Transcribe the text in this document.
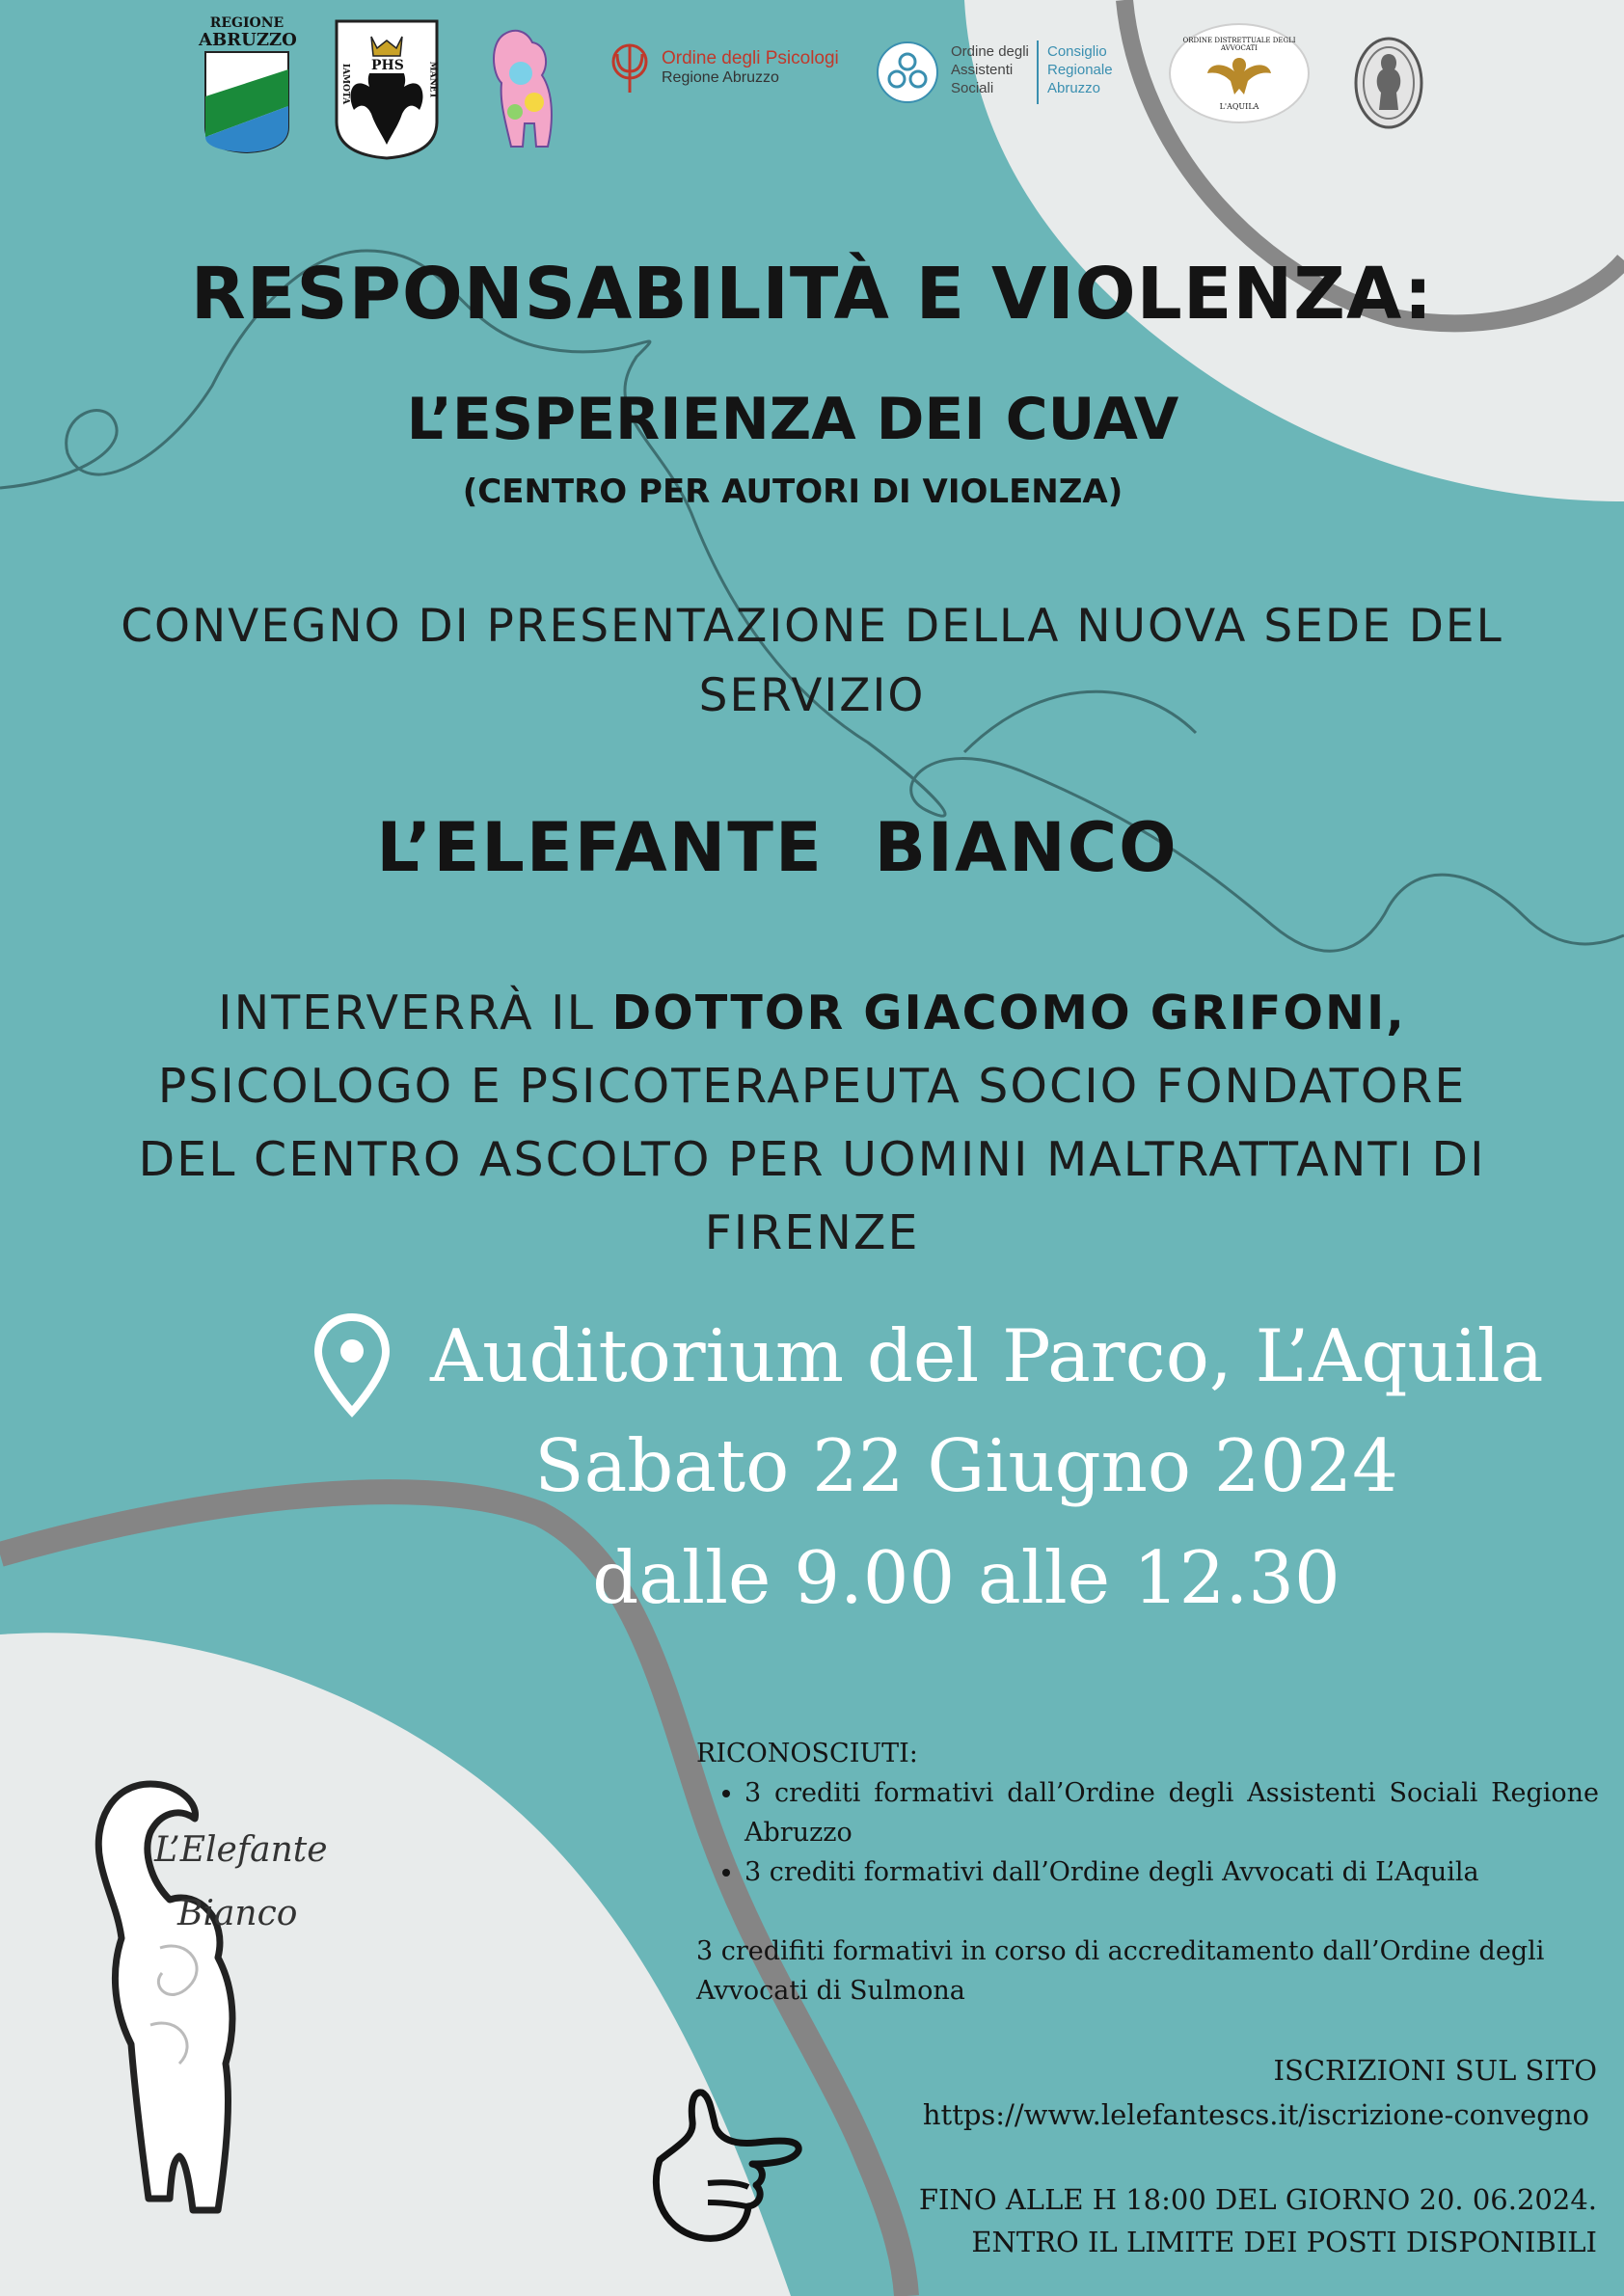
REGIONE
ABRUZZO
PHS
IAMOTA	MANET
Ordine degli Psicologi
Regione Abruzzo
Ordine degli
Assistenti
Sociali
Consiglio
Regionale
Abruzzo
ORDINE DISTRETTUALE DEGLI AVVOCATI
L'AQUILA
RESPONSABILITÀ E VIOLENZA:
L’ESPERIENZA DEI CUAV
(CENTRO PER AUTORI DI VIOLENZA)
CONVEGNO DI PRESENTAZIONE DELLA NUOVA SEDE DEL
SERVIZIO
L’ELEFANTE  BIANCO
INTERVERRÀ IL DOTTOR GIACOMO GRIFONI,
PSICOLOGO E PSICOTERAPEUTA SOCIO FONDATORE
DEL CENTRO ASCOLTO PER UOMINI MALTRATTANTI DI
FIRENZE
Auditorium del Parco, L’Aquila
Sabato 22 Giugno 2024
dalle 9.00 alle 12.30
RICONOSCIUTI:
• 3 crediti formativi dall’Ordine degli Assistenti Sociali Regione Abruzzo
• 3 crediti formativi dall’Ordine degli Avvocati di L’Aquila
3 credifiti formativi in corso di accreditamento dall’Ordine degli Avvocati di Sulmona
ISCRIZIONI SUL SITO
https://www.lelefantescs.it/iscrizione-convegno
FINO ALLE H 18:00 DEL GIORNO 20. 06.2024.
ENTRO IL LIMITE DEI POSTI DISPONIBILI
L’Elefante
Bianco
